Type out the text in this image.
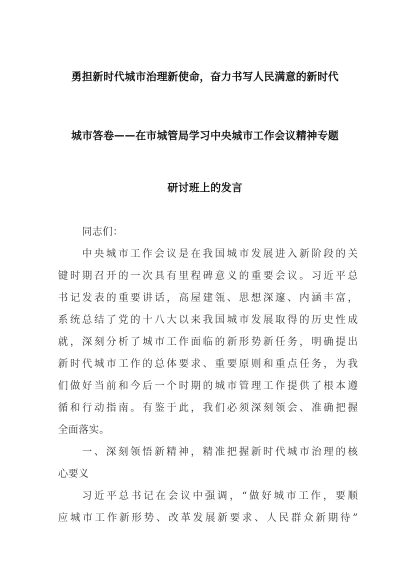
勇担新时代城市治理新使命，奋力书写人民满意的新时代
城市答卷——在市城管局学习中央城市工作会议精神专题
研讨班上的发言
同志们：
中央城市工作会议是在我国城市发展进入新阶段的关
键时期召开的一次具有里程碑意义的重要会议。习近平总
书记发表的重要讲话，高屋建瓴、思想深邃、内涵丰富，
系统总结了党的十八大以来我国城市发展取得的历史性成
就，深刻分析了城市工作面临的新形势新任务，明确提出
新时代城市工作的总体要求、重要原则和重点任务，为我
们做好当前和今后一个时期的城市管理工作提供了根本遵
循和行动指南。有鉴于此，我们必须深刻领会、准确把握
全面落实。
一、深刻领悟新精神，精准把握新时代城市治理的核
心要义
习近平总书记在会议中强调，“做好城市工作，要顺
应城市工作新形势、改革发展新要求、人民群众新期待”
